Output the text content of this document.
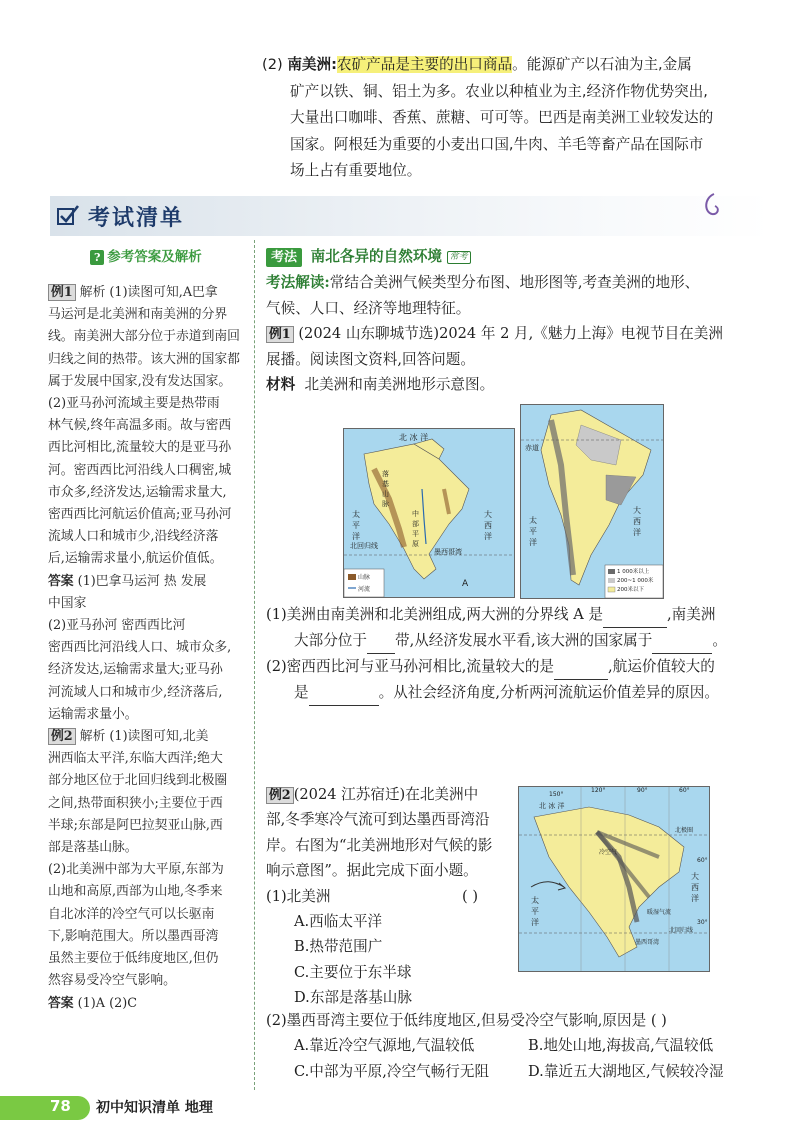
(2) 南美洲:农矿产品是主要的出口商品。能源矿产以石油为主,金属

矿产以铁、铜、铝土为多。农业以种植业为主,经济作物优势突出,

大量出口咖啡、香蕉、蔗糖、可可等。巴西是南美洲工业较发达的

国家。阿根廷为重要的小麦出口国,牛肉、羊毛等畜产品在国际市

场上占有重要地位。

考试清单
? 参考答案及解析

例1 解析 (1)读图可知,A巴拿

马运河是北美洲和南美洲的分界

线。南美洲大部分位于赤道到南回

归线之间的热带。该大洲的国家都

属于发展中国家,没有发达国家。

(2)亚马孙河流域主要是热带雨

林气候,终年高温多雨。故与密西

西比河相比,流量较大的是亚马孙

河。密西西比河沿线人口稠密,城

市众多,经济发达,运输需求量大,

密西西比河航运价值高;亚马孙河

流域人口和城市少,沿线经济落

后,运输需求量小,航运价值低。

答案 (1)巴拿马运河 热 发展

中国家

(2)亚马孙河 密西西比河

密西西比河沿线人口、城市众多,

经济发达,运输需求量大;亚马孙

河流域人口和城市少,经济落后,

运输需求量小。

例2 解析 (1)读图可知,北美

洲西临太平洋,东临大西洋;绝大

部分地区位于北回归线到北极圈

之间,热带面积狭小;主要位于西

半球;东部是阿巴拉契亚山脉,西

部是落基山脉。

(2)北美洲中部为大平原,东部为

山地和高原,西部为山地,冬季来

自北冰洋的冷空气可以长驱南

下,影响范围大。所以墨西哥湾

虽然主要位于低纬度地区,但仍

然容易受冷空气影响。

答案 (1)A (2)C

考法 南北各异的自然环境 常考

考法解读:常结合美洲气候类型分布图、地形图等,考查美洲的地形、

气候、人口、经济等地理特征。

例1 (2024 山东聊城节选)2024 年 2 月,《魅力上海》电视节目在美洲

展播。阅读图文资料,回答问题。

材料 北美洲和南美洲地形示意图。

北 冰 洋
太平洋
大西洋
落基山脉
中部平原
墨西哥湾
北回归线
A
山脉
河流
赤道
太平洋
大西洋
1 000米以上
200~1 000米
200米以下

(1)美洲由南美洲和北美洲组成,两大洲的分界线 A 是	,南美洲

大部分位于 带,从经济发展水平看,该大洲的国家属于	。

(2)密西西比河与亚马孙河相比,流量较大的是	,航运价值较大的

是	。从社会经济角度,分析两河流航运价值差异的原因。

例2 (2024 江苏宿迁)在北美洲中

部,冬季寒冷气流可到达墨西哥湾沿

岸。右图为“北美洲地形对气候的影

响示意图”。据此完成下面小题。

(1)北美洲	( )

A.西临太平洋

B.热带范围广

C.主要位于东半球

D.东部是落基山脉

150°
120°	90°	60°
北 冰 洋
北极圈
60°
30°
太平洋
大西洋
北回归线
冷空气
暖湿气流
墨西哥湾

(2)墨西哥湾主要位于低纬度地区,但易受冷空气影响,原因是 ( )

A.靠近冷空气源地,气温较低	B.地处山地,海拔高,气温较低
C.中部为平原,冷空气畅行无阻	D.靠近五大湖地区,气候较冷湿
78 初中知识清单 地理
